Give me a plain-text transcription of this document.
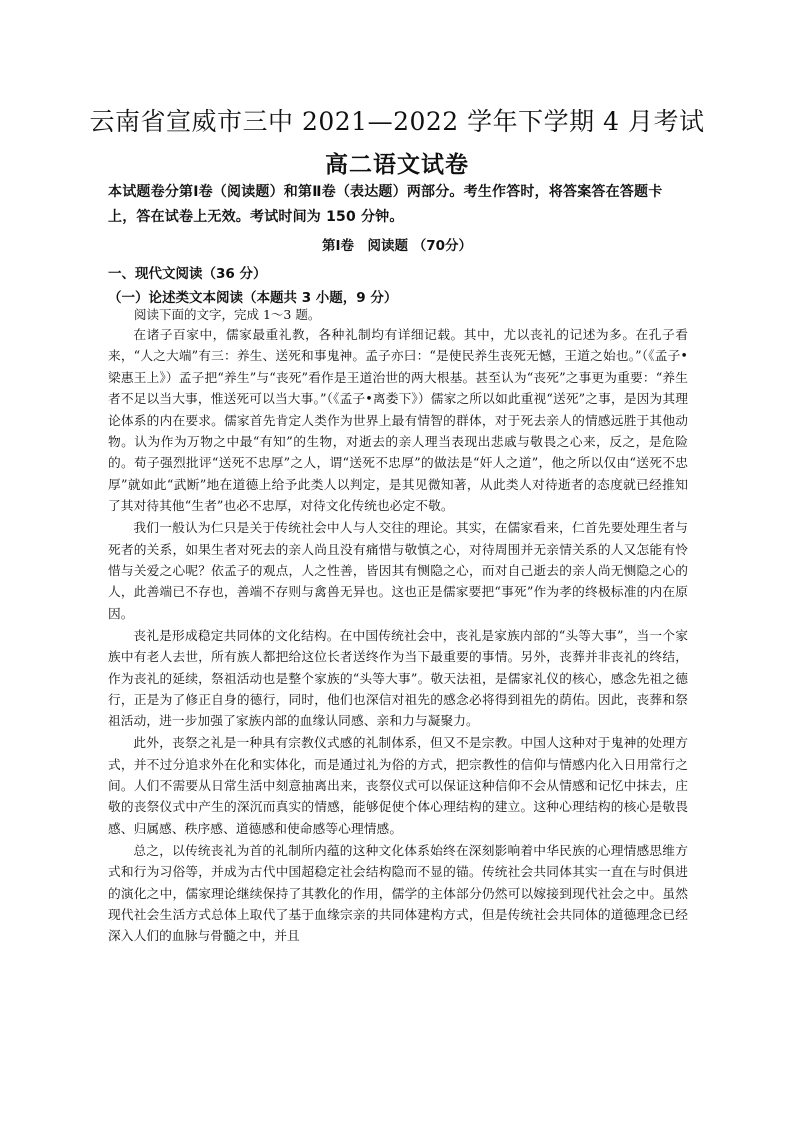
云南省宣威市三中 2021—2022 学年下学期 4 月考试
高二语文试卷
本试题卷分第Ⅰ卷（阅读题）和第Ⅱ卷（表达题）两部分。考生作答时，将答案答在答题卡上，答在试卷上无效。考试时间为 150 分钟。
第Ⅰ卷　阅读题 （70分）
一、现代文阅读（36 分）
（一）论述类文本阅读（本题共 3 小题，9 分）
阅读下面的文字，完成 1～3 题。

在诸子百家中，儒家最重礼教，各种礼制均有详细记载。其中，尤以丧礼的记述为多。在孔子看来，“人之大端”有三：养生、送死和事鬼神。孟子亦曰：“是使民养生丧死无憾，王道之始也。”（《孟子•梁惠王上》）孟子把“养生”与“丧死”看作是王道治世的两大根基。甚至认为“丧死”之事更为重要：“养生者不足以当大事，惟送死可以当大事。”（《孟子•离娄下》）儒家之所以如此重视“送死”之事，是因为其理论体系的内在要求。儒家首先肯定人类作为世界上最有情智的群体，对于死去亲人的情感远胜于其他动物。认为作为万物之中最“有知”的生物，对逝去的亲人理当表现出悲戚与敬畏之心来，反之，是危险的。荀子强烈批评“送死不忠厚”之人，谓“送死不忠厚”的做法是“奸人之道”，他之所以仅由“送死不忠厚”就如此“武断”地在道德上给予此类人以判定，是其见微知著，从此类人对待逝者的态度就已经推知了其对待其他“生者”也必不忠厚，对待文化传统也必定不敬。

我们一般认为仁只是关于传统社会中人与人交往的理论。其实，在儒家看来，仁首先要处理生者与死者的关系，如果生者对死去的亲人尚且没有痛惜与敬慎之心，对待周围并无亲情关系的人又怎能有怜惜与关爱之心呢？依孟子的观点，人之性善，皆因其有恻隐之心，而对自己逝去的亲人尚无恻隐之心的人，此善端已不存也，善端不存则与禽兽无异也。这也正是儒家要把“事死”作为孝的终极标准的内在原因。

丧礼是形成稳定共同体的文化结构。在中国传统社会中，丧礼是家族内部的“头等大事”，当一个家族中有老人去世，所有族人都把给这位长者送终作为当下最重要的事情。另外，丧葬并非丧礼的终结，作为丧礼的延续，祭祖活动也是整个家族的“头等大事”。敬天法祖，是儒家礼仪的核心，感念先祖之德行，正是为了修正自身的德行，同时，他们也深信对祖先的感念必将得到祖先的荫佑。因此，丧葬和祭祖活动，进一步加强了家族内部的血缘认同感、亲和力与凝聚力。

此外，丧祭之礼是一种具有宗教仪式感的礼制体系，但又不是宗教。中国人这种对于鬼神的处理方式，并不过分追求外在化和实体化，而是通过礼为俗的方式，把宗教性的信仰与情感内化入日用常行之间。人们不需要从日常生活中刻意抽离出来，丧祭仪式可以保证这种信仰不会从情感和记忆中抹去，庄敬的丧祭仪式中产生的深沉而真实的情感，能够促使个体心理结构的建立。这种心理结构的核心是敬畏感、归属感、秩序感、道德感和使命感等心理情感。

总之，以传统丧礼为首的礼制所内蕴的这种文化体系始终在深刻影响着中华民族的心理情感思维方式和行为习俗等，并成为古代中国超稳定社会结构隐而不显的锚。传统社会共同体其实一直在与时俱进的演化之中，儒家理论继续保持了其教化的作用，儒学的主体部分仍然可以嫁接到现代社会之中。虽然现代社会生活方式总体上取代了基于血缘宗亲的共同体建构方式，但是传统社会共同体的道德理念已经深入人们的血脉与骨髓之中，并且
